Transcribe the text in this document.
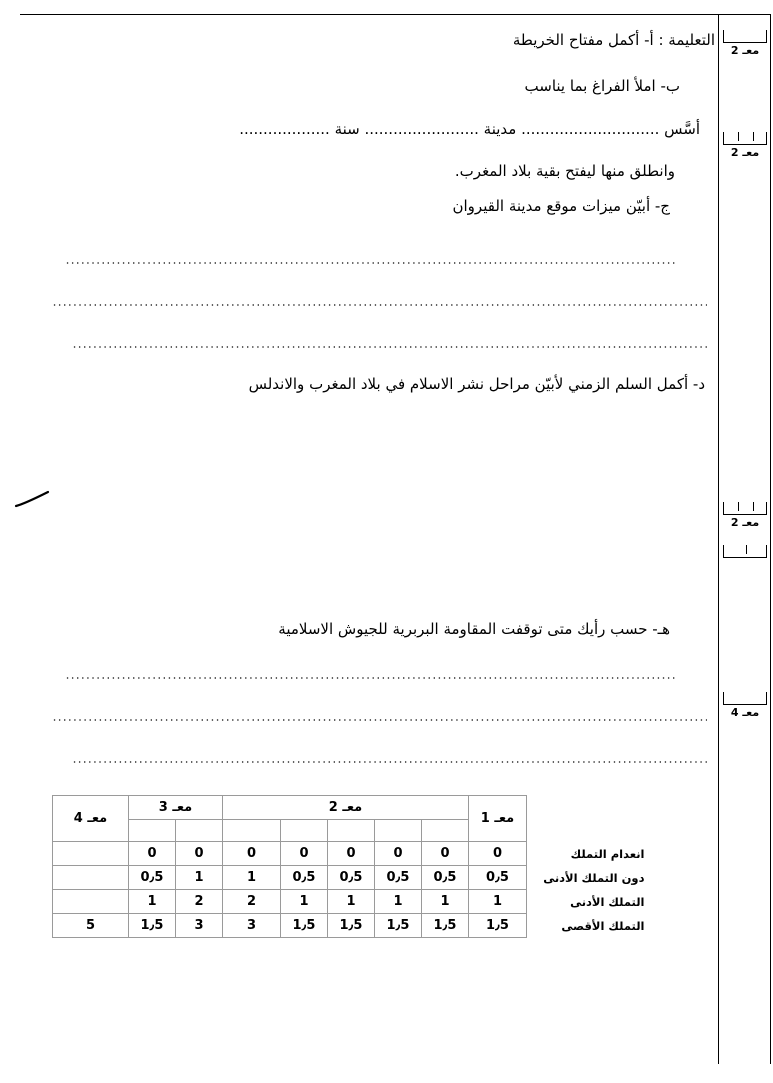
معـ 2
معـ 2
معـ 2
معـ 4
التعليمة : أ- أكمل مفتاح الخريطة
ب- املأ الفراغ بما يناسب
أسَّس ............................. مدينة ........................ سنة ...................
وانطلق منها ليفتح بقية بلاد المغرب.
ج- أبيّن ميزات موقع مدينة القيروان
د- أكمل السلم الزمني لأبيّن مراحل نشر الاسلام في بلاد المغرب والاندلس
هـ- حسب رأيك متى توقفت المقاومة البربرية للجيوش الاسلامية
	معـ 1	معـ 2					معـ 3		معـ 4

انعدام التملك	0	0	0	0	0	0	0	0	
دون التملك الأدنى	0٫5	0٫5	0٫5	0٫5	0٫5	1	1	0٫5	
التملك الأدنى	1	1	1	1	1	2	2	1	
التملك الأقصى	1٫5	1٫5	1٫5	1٫5	1٫5	3	3	1٫5	5
